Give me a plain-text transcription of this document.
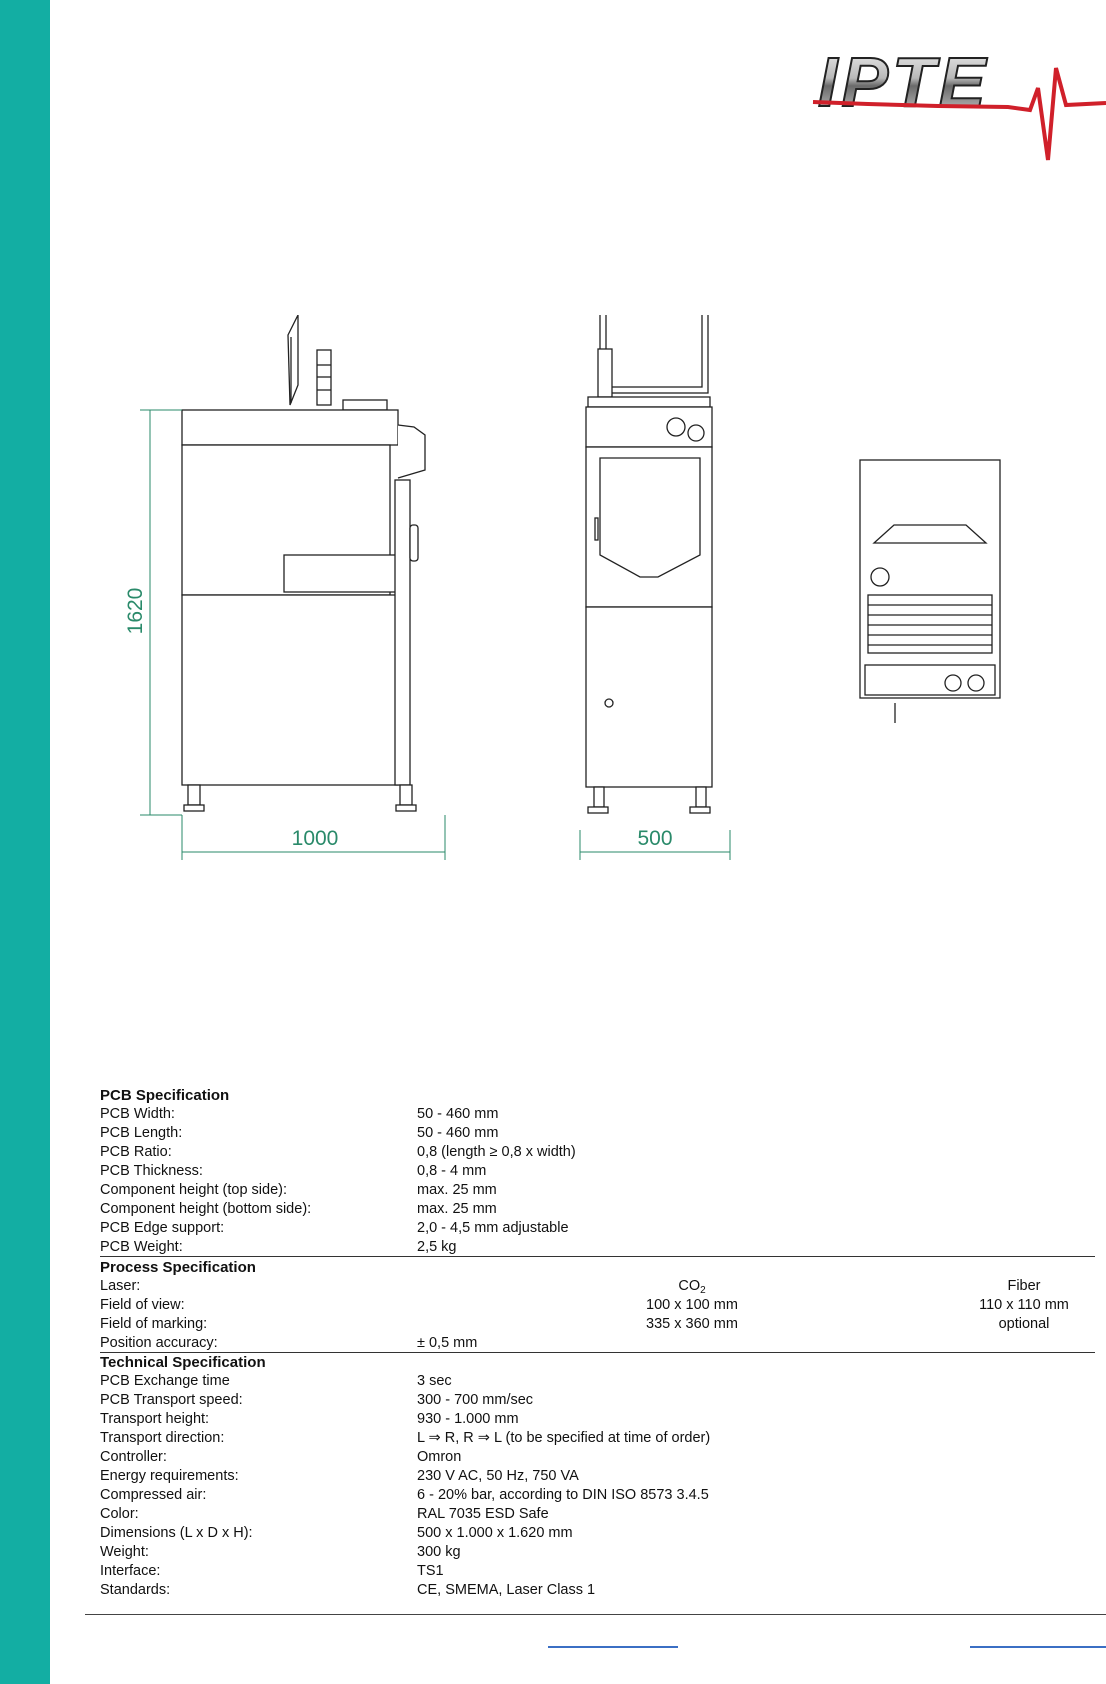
IPTE
1620
1000	500
PCB Specification
PCB Width:	50 - 460 mm
PCB Length:	50 - 460 mm
PCB Ratio:	0,8 (length ≥ 0,8 x width)
PCB Thickness:	0,8 - 4 mm
Component height (top side):	max. 25 mm
Component height (bottom side):	max. 25 mm
PCB Edge support:	2,0 - 4,5 mm adjustable
PCB Weight:	2,5 kg
Process Specification
Laser:	$CO_2$	Fiber
Field of view:	100 x 100 mm	110 x 110 mm
Field of marking:	335 x 360 mm	optional
Position accuracy:	± 0,5 mm
Technical Specification
PCB Exchange time	3 sec
PCB Transport speed:	300 - 700 mm/sec
Transport height:	930 - 1.000 mm
Transport direction:	L ⇒ R, R ⇒ L (to be specified at time of order)
Controller:	Omron
Energy requirements:	230 V AC, 50 Hz, 750 VA
Compressed air:	6 - 20% bar, according to DIN ISO 8573 3.4.5
Color:	RAL 7035 ESD Safe
Dimensions (L x D x H):	500 x 1.000 x 1.620 mm
Weight:	300 kg
Interface:	TS1
Standards:	CE, SMEMA, Laser Class 1
